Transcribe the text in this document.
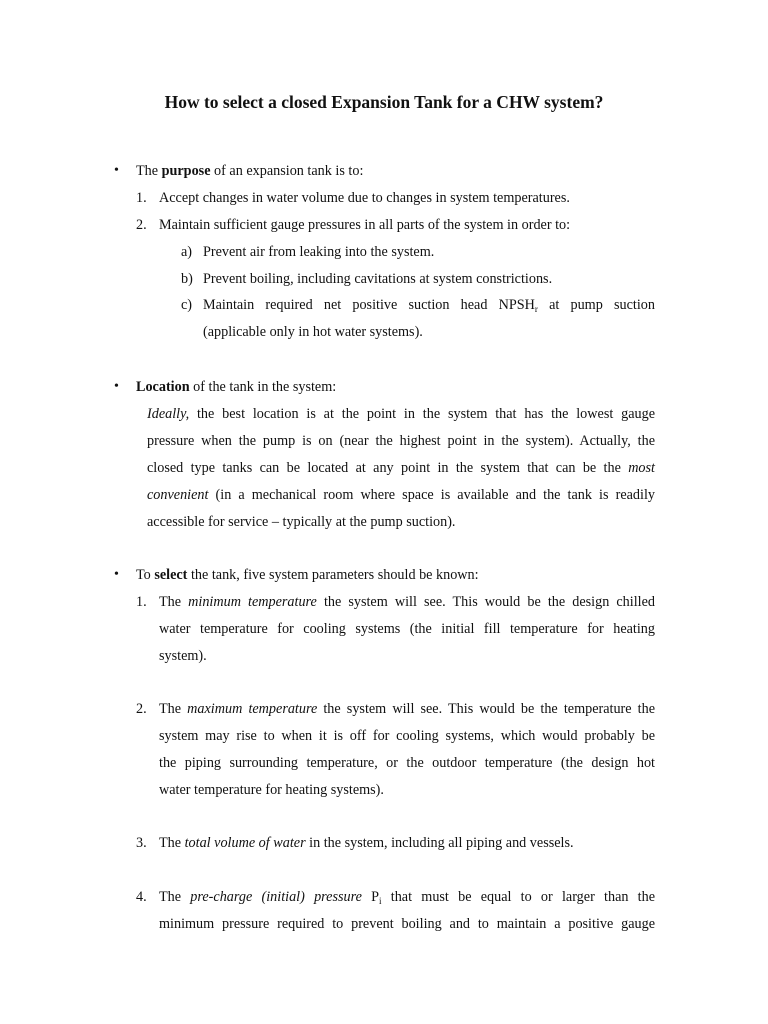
How to select a closed Expansion Tank for a CHW system?
• The purpose of an expansion tank is to:
1. Accept changes in water volume due to changes in system temperatures.
2. Maintain sufficient gauge pressures in all parts of the system in order to:
a) Prevent air from leaking into the system.
b) Prevent boiling, including cavitations at system constrictions.
c) Maintain required net positive suction head $NPSH_r$ at pump suction
(applicable only in hot water systems).
• Location of the tank in the system:
Ideally, the best location is at the point in the system that has the lowest gauge
pressure when the pump is on (near the highest point in the system). Actually, the
closed type tanks can be located at any point in the system that can be the most
convenient (in a mechanical room where space is available and the tank is readily
accessible for service – typically at the pump suction).
• To select the tank, five system parameters should be known:
1. The minimum temperature the system will see. This would be the design chilled
water temperature for cooling systems (the initial fill temperature for heating
system).
2. The maximum temperature the system will see. This would be the temperature the
system may rise to when it is off for cooling systems, which would probably be
the piping surrounding temperature, or the outdoor temperature (the design hot
water temperature for heating systems).
3. The total volume of water in the system, including all piping and vessels.
4. The pre-charge (initial) pressure $P_i$ that must be equal to or larger than the
minimum pressure required to prevent boiling and to maintain a positive gauge
